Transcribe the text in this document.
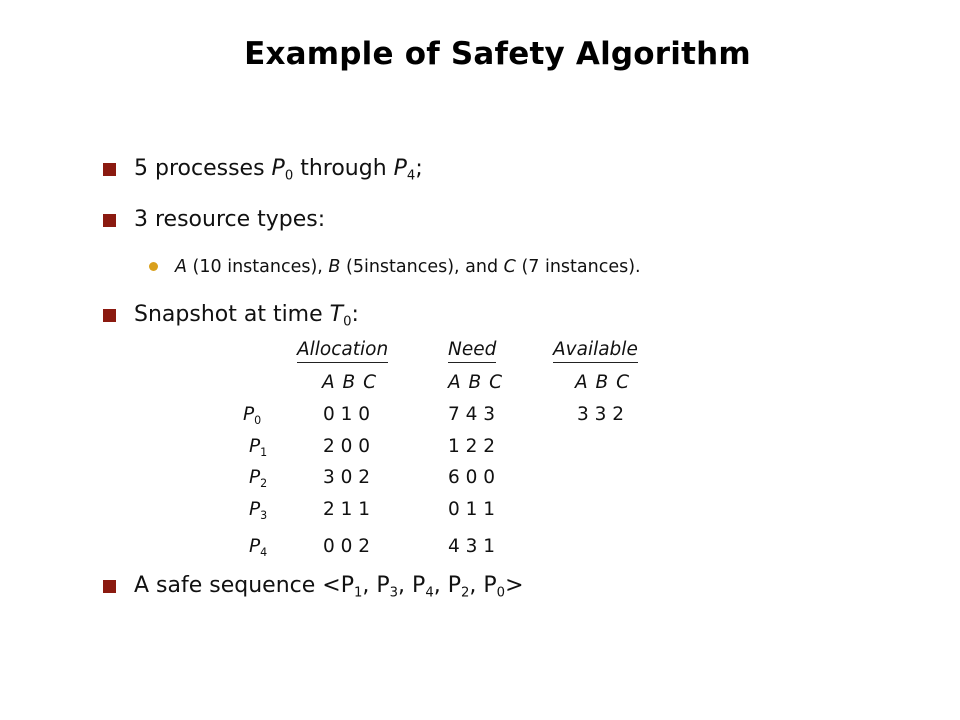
Example of Safety Algorithm
5 processes $P_0$ through $P_4$;
3 resource types:
A (10 instances), B (5instances), and C (7 instances).
Snapshot at time $T_0$:
Allocation	Need	Available
A B C	A B C	A B C
$P_0$	0 1 0	7 4 3	3 3 2
$P_1$	2 0 0	1 2 2
$P_2$	3 0 2	6 0 0
$P_3$	2 1 1	0 1 1
$P_4$	0 0 2	4 3 1
A safe sequence $<P_1$, $P_3$, $P_4$, $P_2$, $P_0>$
